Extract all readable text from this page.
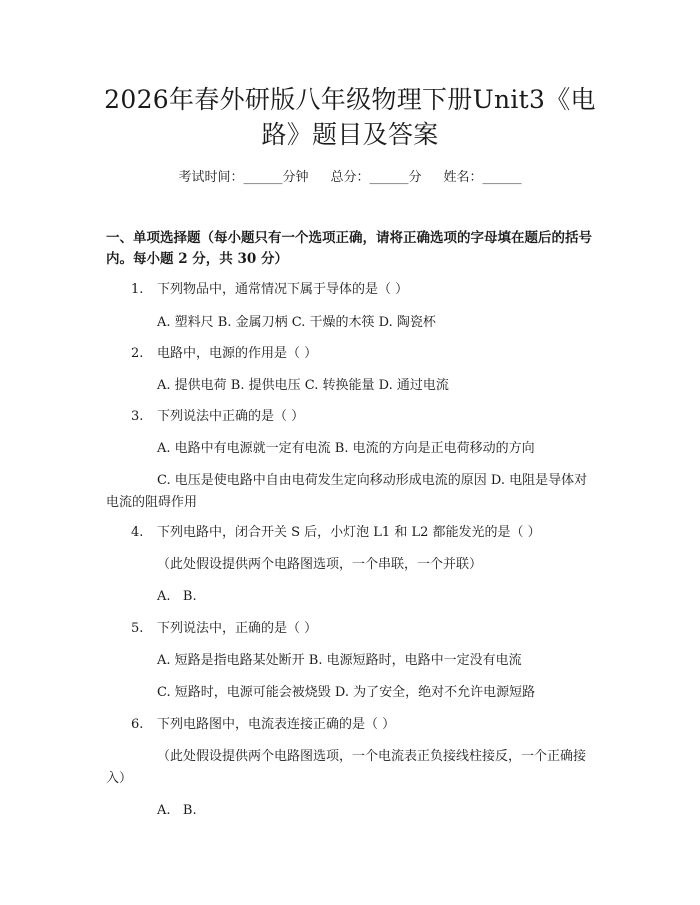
2026年春外研版八年级物理下册Unit3《电路》题目及答案
考试时间：______分钟 总分：______分 姓名：______
一、单项选择题（每小题只有一个选项正确，请将正确选项的字母填在题后的括号内。每小题 2 分，共 30 分）
1.	下列物品中，通常情况下属于导体的是（ ）
A. 塑料尺 B. 金属刀柄 C. 干燥的木筷 D. 陶瓷杯
2.	电路中，电源的作用是（ ）
A. 提供电荷 B. 提供电压 C. 转换能量 D. 通过电流
3.	下列说法中正确的是（ ）
A. 电路中有电源就一定有电流 B. 电流的方向是正电荷移动的方向
C. 电压是使电路中自由电荷发生定向移动形成电流的原因 D. 电阻是导体对电流的阻碍作用
4.	下列电路中，闭合开关 S 后，小灯泡 L1 和 L2 都能发光的是（ ）
（此处假设提供两个电路图选项，一个串联，一个并联）
A.   B.
5.	下列说法中，正确的是（ ）
A. 短路是指电路某处断开 B. 电源短路时，电路中一定没有电流
C. 短路时，电源可能会被烧毁 D. 为了安全，绝对不允许电源短路
6.	下列电路图中，电流表连接正确的是（ ）
（此处假设提供两个电路图选项，一个电流表正负接线柱接反，一个正确接入）
A.   B.
